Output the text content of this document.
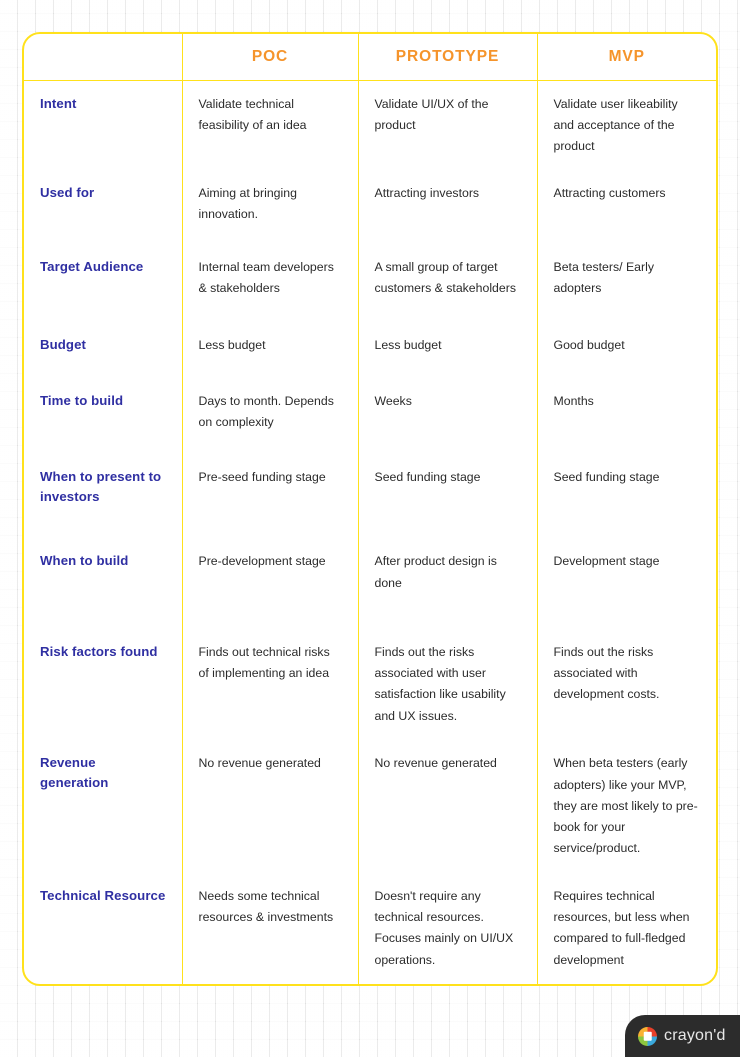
	POC	PROTOTYPE	MVP
Intent	Validate technical feasibility of an idea	Validate UI/UX of the product	Validate user likeability and acceptance of the product
Used for	Aiming at bringing innovation.	Attracting investors	Attracting customers
Target Audience	Internal team developers & stakeholders	A small group of target customers & stakeholders	Beta testers/ Early adopters
Budget	Less budget	Less budget	Good budget
Time to build	Days to month. Depends on complexity	Weeks	Months
When to present to investors	Pre-seed funding stage	Seed funding stage	Seed funding stage
When to build	Pre-development stage	After product design is done	Development stage
Risk factors found	Finds out technical risks of implementing an idea	Finds out the risks associated with user satisfaction like usability and UX issues.	Finds out the risks associated with development costs.
Revenue generation	No revenue generated	No revenue generated	When beta testers (early adopters) like your MVP, they are most likely to pre-book for your service/product.
Technical Resource	Needs some technical resources & investments	Doesn't require any technical resources. Focuses mainly on UI/UX operations.	Requires technical resources, but less when compared to full-fledged development
crayon'd
